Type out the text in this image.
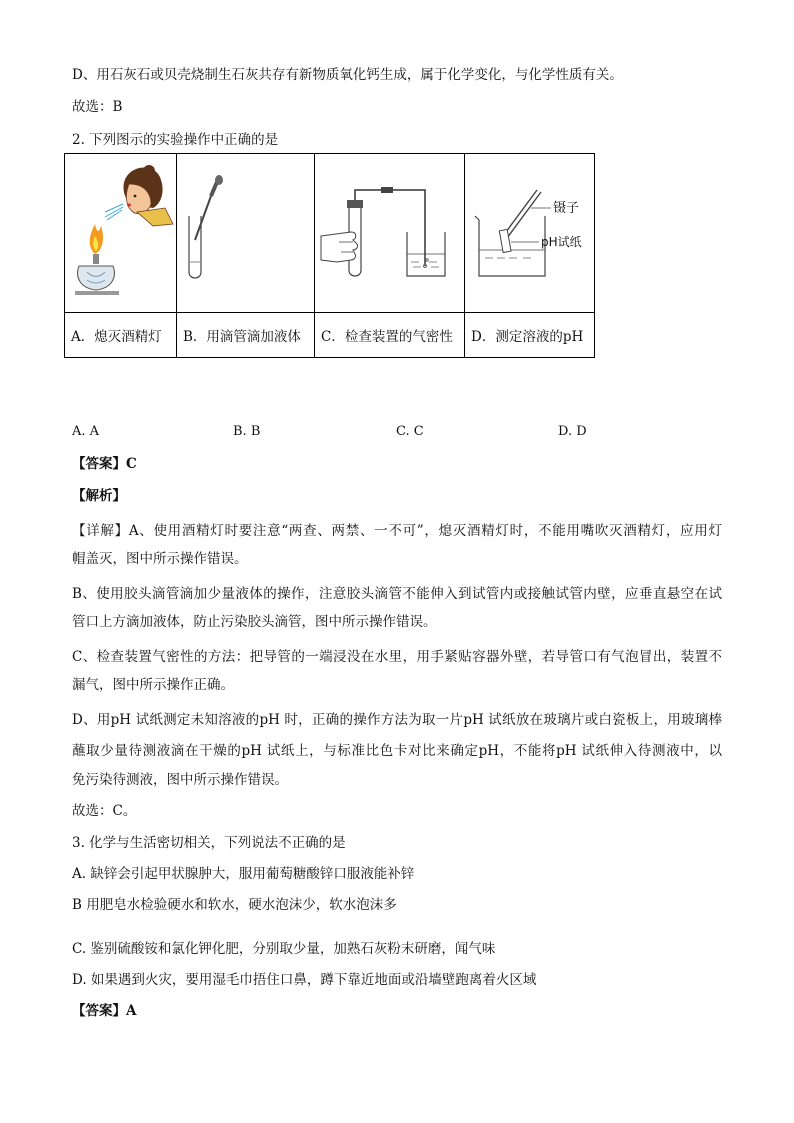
D、用石灰石或贝壳烧制生石灰共存有新物质氧化钙生成，属于化学变化，与化学性质有关。
故选：B
2. 下列图示的实验操作中正确的是

镊子
pH试纸

A．熄灭酒精灯	B．用滴管滴加液体	C．检查装置的气密性	D．测定溶液的pH
A. A	B. B	C. C	D. D
【答案】C
【解析】
【详解】A、使用酒精灯时要注意“两查、两禁、一不可”，熄灭酒精灯时，不能用嘴吹灭酒精灯，应用灯
帽盖灭，图中所示操作错误。
B、使用胶头滴管滴加少量液体的操作，注意胶头滴管不能伸入到试管内或接触试管内壁，应垂直悬空在试
管口上方滴加液体，防止污染胶头滴管，图中所示操作错误。
C、检查装置气密性的方法：把导管的一端浸没在水里，用手紧贴容器外壁，若导管口有气泡冒出，装置不
漏气，图中所示操作正确。
D、用pH 试纸测定未知溶液的pH 时，正确的操作方法为取一片pH 试纸放在玻璃片或白瓷板上，用玻璃棒
蘸取少量待测液滴在干燥的pH 试纸上，与标准比色卡对比来确定pH，不能将pH 试纸伸入待测液中，以
免污染待测液，图中所示操作错误。
故选：C。
3. 化学与生活密切相关，下列说法不正确的是
A. 缺锌会引起甲状腺肿大，服用葡萄糖酸锌口服液能补锌
B 用肥皂水检验硬水和软水，硬水泡沫少，软水泡沫多
C. 鉴别硫酸铵和氯化钾化肥，分别取少量，加熟石灰粉末研磨，闻气味
D. 如果遇到火灾，要用湿毛巾捂住口鼻，蹲下靠近地面或沿墙壁跑离着火区域
【答案】A
